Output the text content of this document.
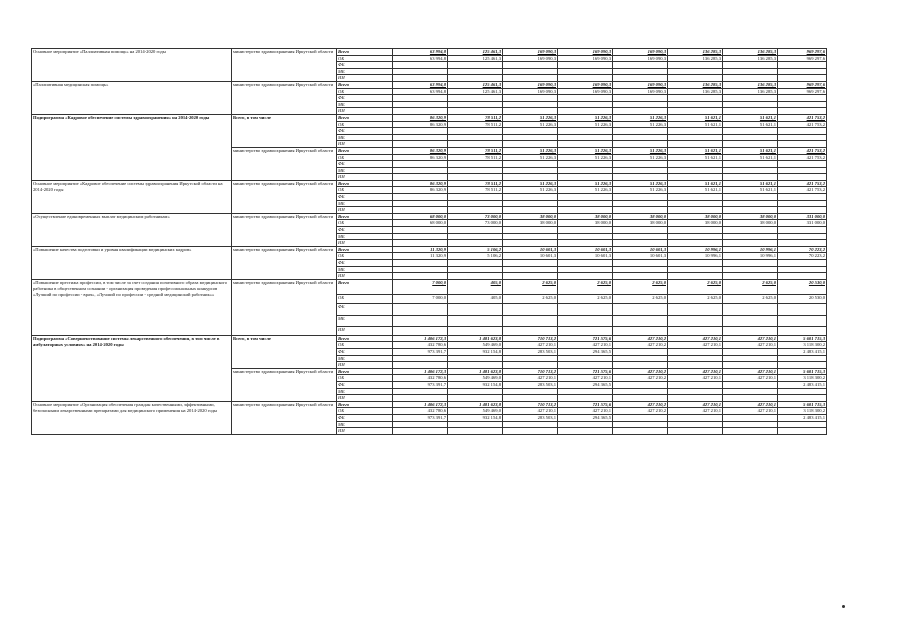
Основное мероприятие «Паллиативная помощь» на 2014-2020 годы	министерство здравоохранения Иркутской области	Всего	63 994,8	125 461,3	169 090,3	169 090,3	169 090,3	136 285,3	136 285,3	969 297,6
		ОБ	63 994,8	125 461,3	169 090,3	169 090,3	169 090,3	136 285,3	136 285,3	969 297,6
		ФБ								
		МБ								
		ИИ								
«Паллиативная медицинская помощь»	министерство здравоохранения Иркутской области	Всего	63 994,8	125 461,3	169 090,3	169 090,3	169 090,3	136 285,3	136 285,3	969 297,6
		ОБ	63 994,8	125 461,3	169 090,3	169 090,3	169 090,3	136 285,3	136 285,3	969 297,6
		ФБ								
		МБ								
		ИИ								
Подпрограмма «Кадровое обеспечение системы здравоохранения» на 2014-2020 годы	Всего, в том числе	Всего	86 320,9	78 511,2	51 226,3	51 226,3	51 226,3	51 621,1	51 621,1	421 753,2
		ОБ	86 320,9	78 511,2	51 226,3	51 226,3	51 226,3	51 621,1	51 621,1	421 753,2
		ФБ								
		МБ								
		ИИ								
	министерство здравоохранения Иркутской области	Всего	86 320,9	78 511,2	51 226,3	51 226,3	51 226,3	51 621,1	51 621,1	421 753,2
		ОБ	86 320,9	78 511,2	51 226,3	51 226,3	51 226,3	51 621,1	51 621,1	421 753,2
		ФБ								
		МБ								
		ИИ								
Основное мероприятие «Кадровое обеспечение системы здравоохранения Иркутской области на 2014-2020 годы	министерство здравоохранения Иркутской области	Всего	86 320,9	78 511,2	51 226,3	51 226,3	51 226,3	51 621,1	51 621,1	421 753,2
		ОБ	86 320,9	78 511,2	51 226,3	51 226,3	51 226,3	51 621,1	51 621,1	421 753,2
		ФБ								
		МБ								
		ИИ								
«Осуществление единовременных выплат медицинским работникам»	министерство здравоохранения Иркутской области	Всего	68 000,0	73 000,0	38 000,0	38 000,0	38 000,0	38 000,0	38 000,0	331 000,0
		ОБ	68 000,0	73 000,0	38 000,0	38 000,0	38 000,0	38 000,0	38 000,0	331 000,0
		ФБ								
		МБ								
		ИИ								
«Повышение качества подготовки и уровня квалификации медицинских кадров»	министерство здравоохранения Иркутской области	Всего	11 320,9	5 106,2	10 601,3	10 601,3	10 601,3	10 996,1	10 996,1	70 223,2
		ОБ	11 320,9	5 106,2	10 601,3	10 601,3	10 601,3	10 996,1	10 996,1	70 223,2
		ФБ								
		МБ								
		ИИ								
«Повышение престижа профессии, в том числе за счет создания позитивного образа медицинского работника в общественном сознании - организация проведения профессиональных конкурсов «Лучший по профессии - врач», «Лучший по профессии - средний медицинский работник»»	министерство здравоохранения Иркутской области	Всего	7 000,0	405,0	2 625,0	2 625,0	2 625,0	2 625,0	2 625,0	20 530,0
		ОБ	7 000,0	405,0	2 625,0	2 625,0	2 625,0	2 625,0	2 625,0	20 530,0
		ФБ								
		МБ								
		ИИ								
Подпрограмма «Совершенствование системы лекарственного обеспечения, в том числе в амбулаторных условиях» на 2014-2020 годы	Всего, в том числе	Всего	1 406 172,3	1 481 623,8	710 713,2	721 575,6	427 210,2	427 210,1	427 210,1	5 601 715,3
		ОБ	432 780,6	549 469,0	427 210,1	427 210,1	427 210,2	427 210,1	427 210,1	3 118 300,2
		ФБ	973 391,7	932 154,8	283 503,1	294 365,5				2 483 415,1
		МБ								
		ИИ								
	министерство здравоохранения Иркутской области	Всего	1 406 172,3	1 481 623,8	710 713,2	721 575,6	427 210,2	427 210,1	427 210,1	5 601 715,3
		ОБ	432 780,6	549 469,0	427 210,1	427 210,1	427 210,2	427 210,1	427 210,1	3 118 300,2
		ФБ	973 391,7	932 154,8	283 503,1	294 365,5				2 483 415,1
		МБ								
		ИИ								
Основное мероприятие «Организация обеспечения граждан качественными, эффективными, безопасными лекарственными препаратами для медицинского применения на 2014-2020 годы	министерство здравоохранения Иркутской области	Всего	1 406 172,3	1 481 623,8	710 713,2	721 575,6	427 210,2	427 210,1	427 210,1	5 601 715,3
		ОБ	432 780,6	549 469,0	427 210,1	427 210,1	427 210,2	427 210,1	427 210,1	3 118 300,2
		ФБ	973 391,7	932 154,8	283 503,1	294 365,5				2 483 415,1
		МБ								
		ИИ								
